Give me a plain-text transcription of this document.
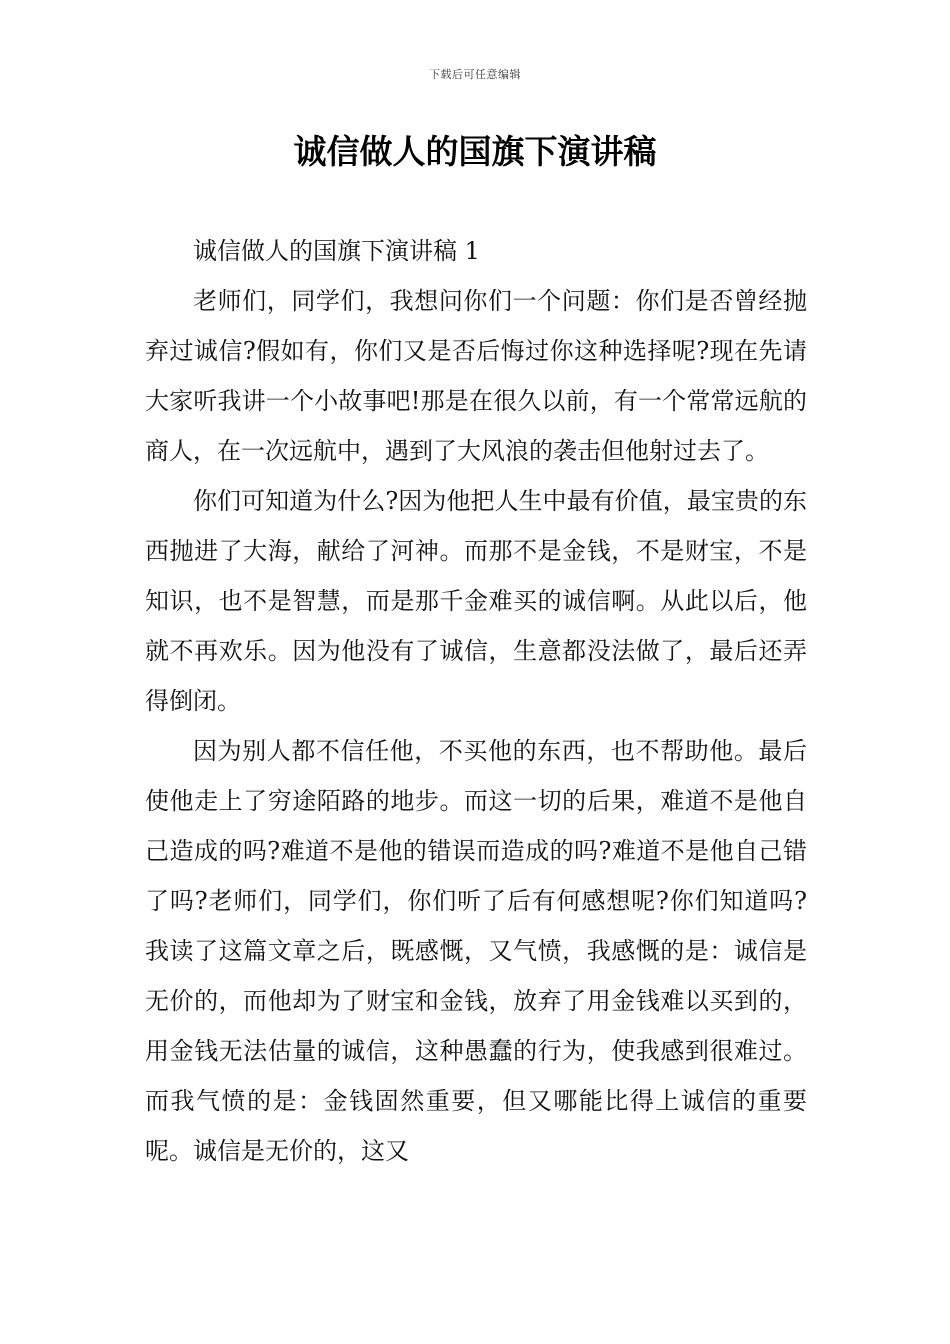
下载后可任意编辑
诚信做人的国旗下演讲稿

诚信做人的国旗下演讲稿 1

老师们，同学们，我想问你们一个问题：你们是否曾经抛弃过诚信?假如有，你们又是否后悔过你这种选择呢?现在先请大家听我讲一个小故事吧!那是在很久以前，有一个常常远航的商人，在一次远航中，遇到了大风浪的袭击但他射过去了。

你们可知道为什么?因为他把人生中最有价值，最宝贵的东西抛进了大海，献给了河神。而那不是金钱，不是财宝，不是知识，也不是智慧，而是那千金难买的诚信啊。从此以后，他就不再欢乐。因为他没有了诚信，生意都没法做了，最后还弄得倒闭。

因为别人都不信任他，不买他的东西，也不帮助他。最后使他走上了穷途陌路的地步。而这一切的后果，难道不是他自己造成的吗?难道不是他的错误而造成的吗?难道不是他自己错了吗?老师们，同学们，你们听了后有何感想呢?你们知道吗?我读了这篇文章之后，既感慨，又气愤，我感慨的是：诚信是无价的，而他却为了财宝和金钱，放弃了用金钱难以买到的，用金钱无法估量的诚信，这种愚蠢的行为，使我感到很难过。而我气愤的是：金钱固然重要，但又哪能比得上诚信的重要呢。诚信是无价的，这又
